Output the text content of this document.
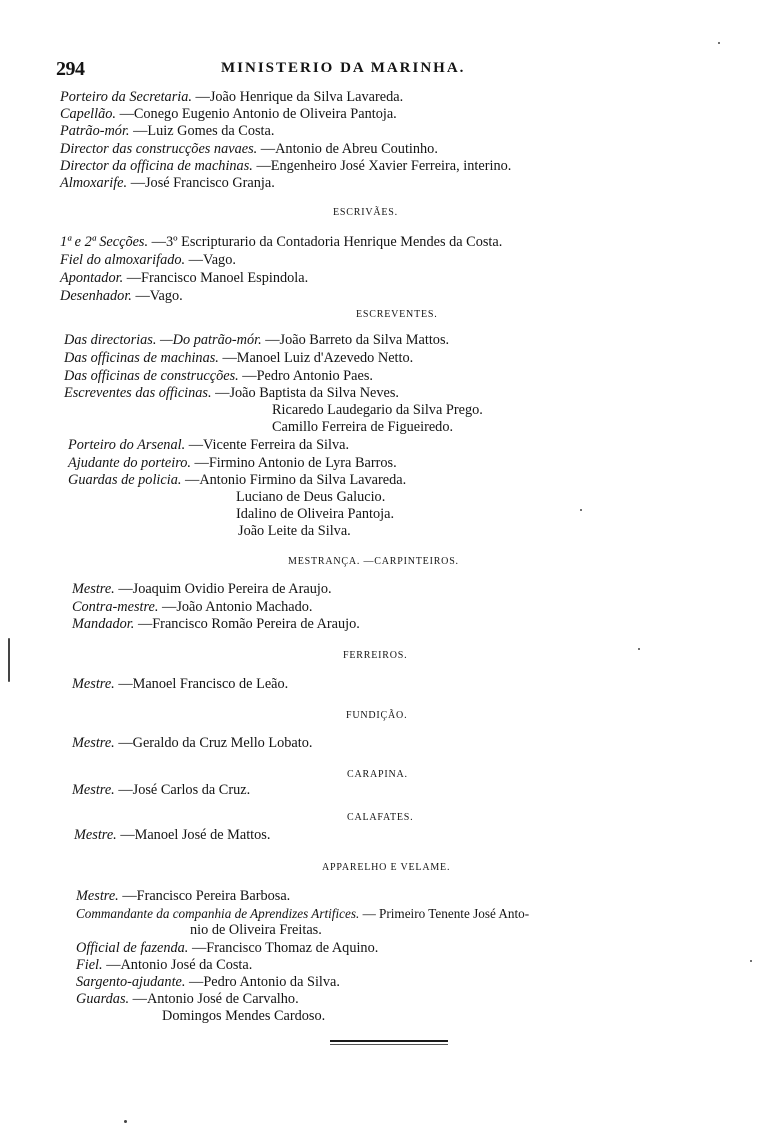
294	MINISTERIO DA MARINHA.
Porteiro da Secretaria. —João Henrique da Silva Lavareda.
Capellão. —Conego Eugenio Antonio de Oliveira Pantoja.
Patrão-mór. —Luiz Gomes da Costa.
Director das construcções navaes. —Antonio de Abreu Coutinho.
Director da officina de machinas. —Engenheiro José Xavier Ferreira, interino.
Almoxarife. —José Francisco Granja.
ESCRIVÃES.
1ª e 2ª Secções. —3º Escripturario da Contadoria Henrique Mendes da Costa.
Fiel do almoxarifado. —Vago.
Apontador. —Francisco Manoel Espindola.
Desenhador. —Vago.
ESCREVENTES.
Das directorias. —Do patrão-mór. —João Barreto da Silva Mattos.
Das officinas de machinas. —Manoel Luiz d'Azevedo Netto.
Das officinas de construcções. —Pedro Antonio Paes.
Escreventes das officinas. —João Baptista da Silva Neves.
Ricaredo Laudegario da Silva Prego.
Camillo Ferreira de Figueiredo.
Porteiro do Arsenal. —Vicente Ferreira da Silva.
Ajudante do porteiro. —Firmino Antonio de Lyra Barros.
Guardas de policia. —Antonio Firmino da Silva Lavareda.
Luciano de Deus Galucio.
Idalino de Oliveira Pantoja.
João Leite da Silva.
MESTRANÇA. —CARPINTEIROS.
Mestre. —Joaquim Ovidio Pereira de Araujo.
Contra-mestre. —João Antonio Machado.
Mandador. —Francisco Romão Pereira de Araujo.
FERREIROS.
Mestre. —Manoel Francisco de Leão.
FUNDIÇÃO.
Mestre. —Geraldo da Cruz Mello Lobato.
CARAPINA.
Mestre. —José Carlos da Cruz.
CALAFATES.
Mestre. —Manoel José de Mattos.
APPARELHO E VELAME.
Mestre. —Francisco Pereira Barbosa.
Commandante da companhia de Aprendizes Artifices. — Primeiro Tenente José Anto-
nio de Oliveira Freitas.
Official de fazenda. —Francisco Thomaz de Aquino.
Fiel. —Antonio José da Costa.
Sargento-ajudante. —Pedro Antonio da Silva.
Guardas. —Antonio José de Carvalho.
Domingos Mendes Cardoso.
